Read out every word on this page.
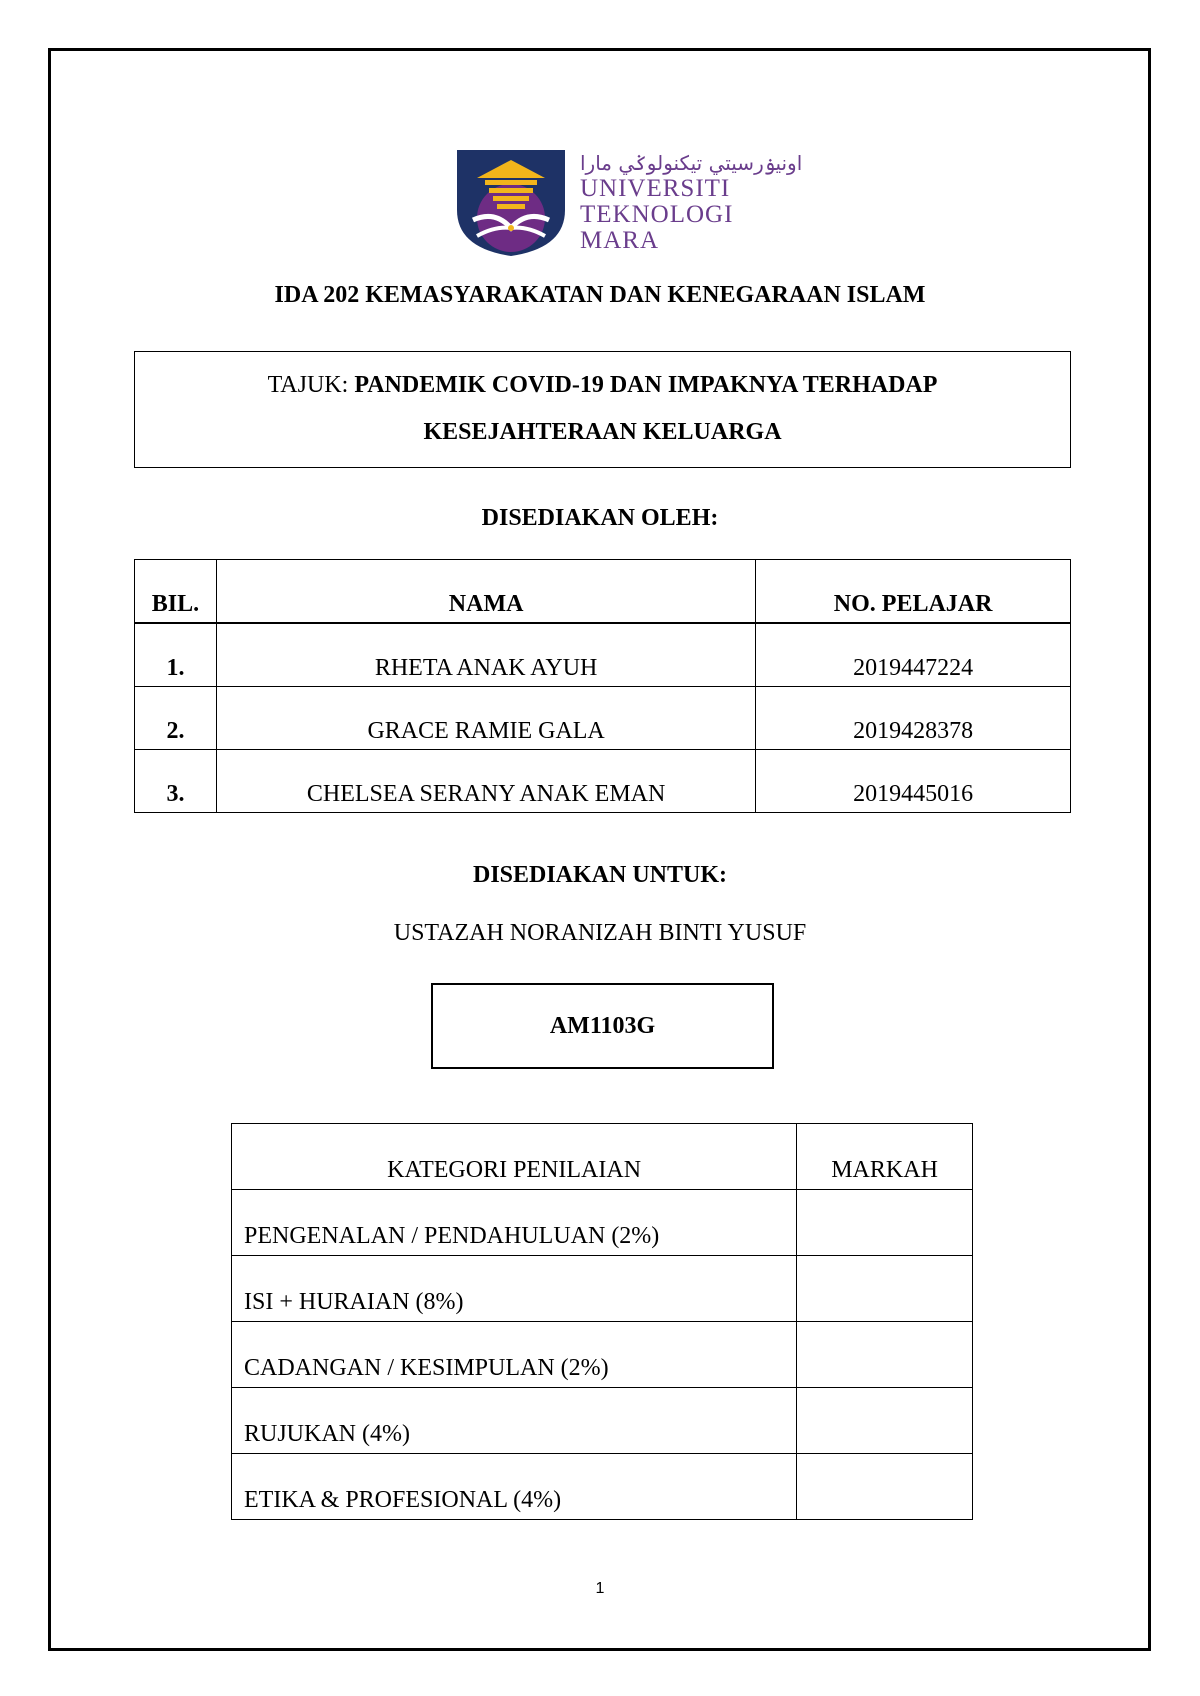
اونيۏرسيتي تيكنولوݢي مارا
UNIVERSITI
TEKNOLOGI
MARA
IDA 202 KEMASYARAKATAN DAN KENEGARAAN ISLAM
TAJUK: PANDEMIK COVID-19 DAN IMPAKNYA TERHADAP
KESEJAHTERAAN KELUARGA
DISEDIAKAN OLEH:
BIL.	NAMA	NO. PELAJAR
1.	RHETA ANAK AYUH	2019447224
2.	GRACE RAMIE GALA	2019428378
3.	CHELSEA SERANY ANAK EMAN	2019445016
DISEDIAKAN UNTUK:
USTAZAH NORANIZAH BINTI YUSUF
AM1103G
KATEGORI PENILAIAN	MARKAH
PENGENALAN / PENDAHULUAN (2%)	
ISI + HURAIAN (8%)	
CADANGAN / KESIMPULAN (2%)	
RUJUKAN (4%)	
ETIKA & PROFESIONAL (4%)	
1
